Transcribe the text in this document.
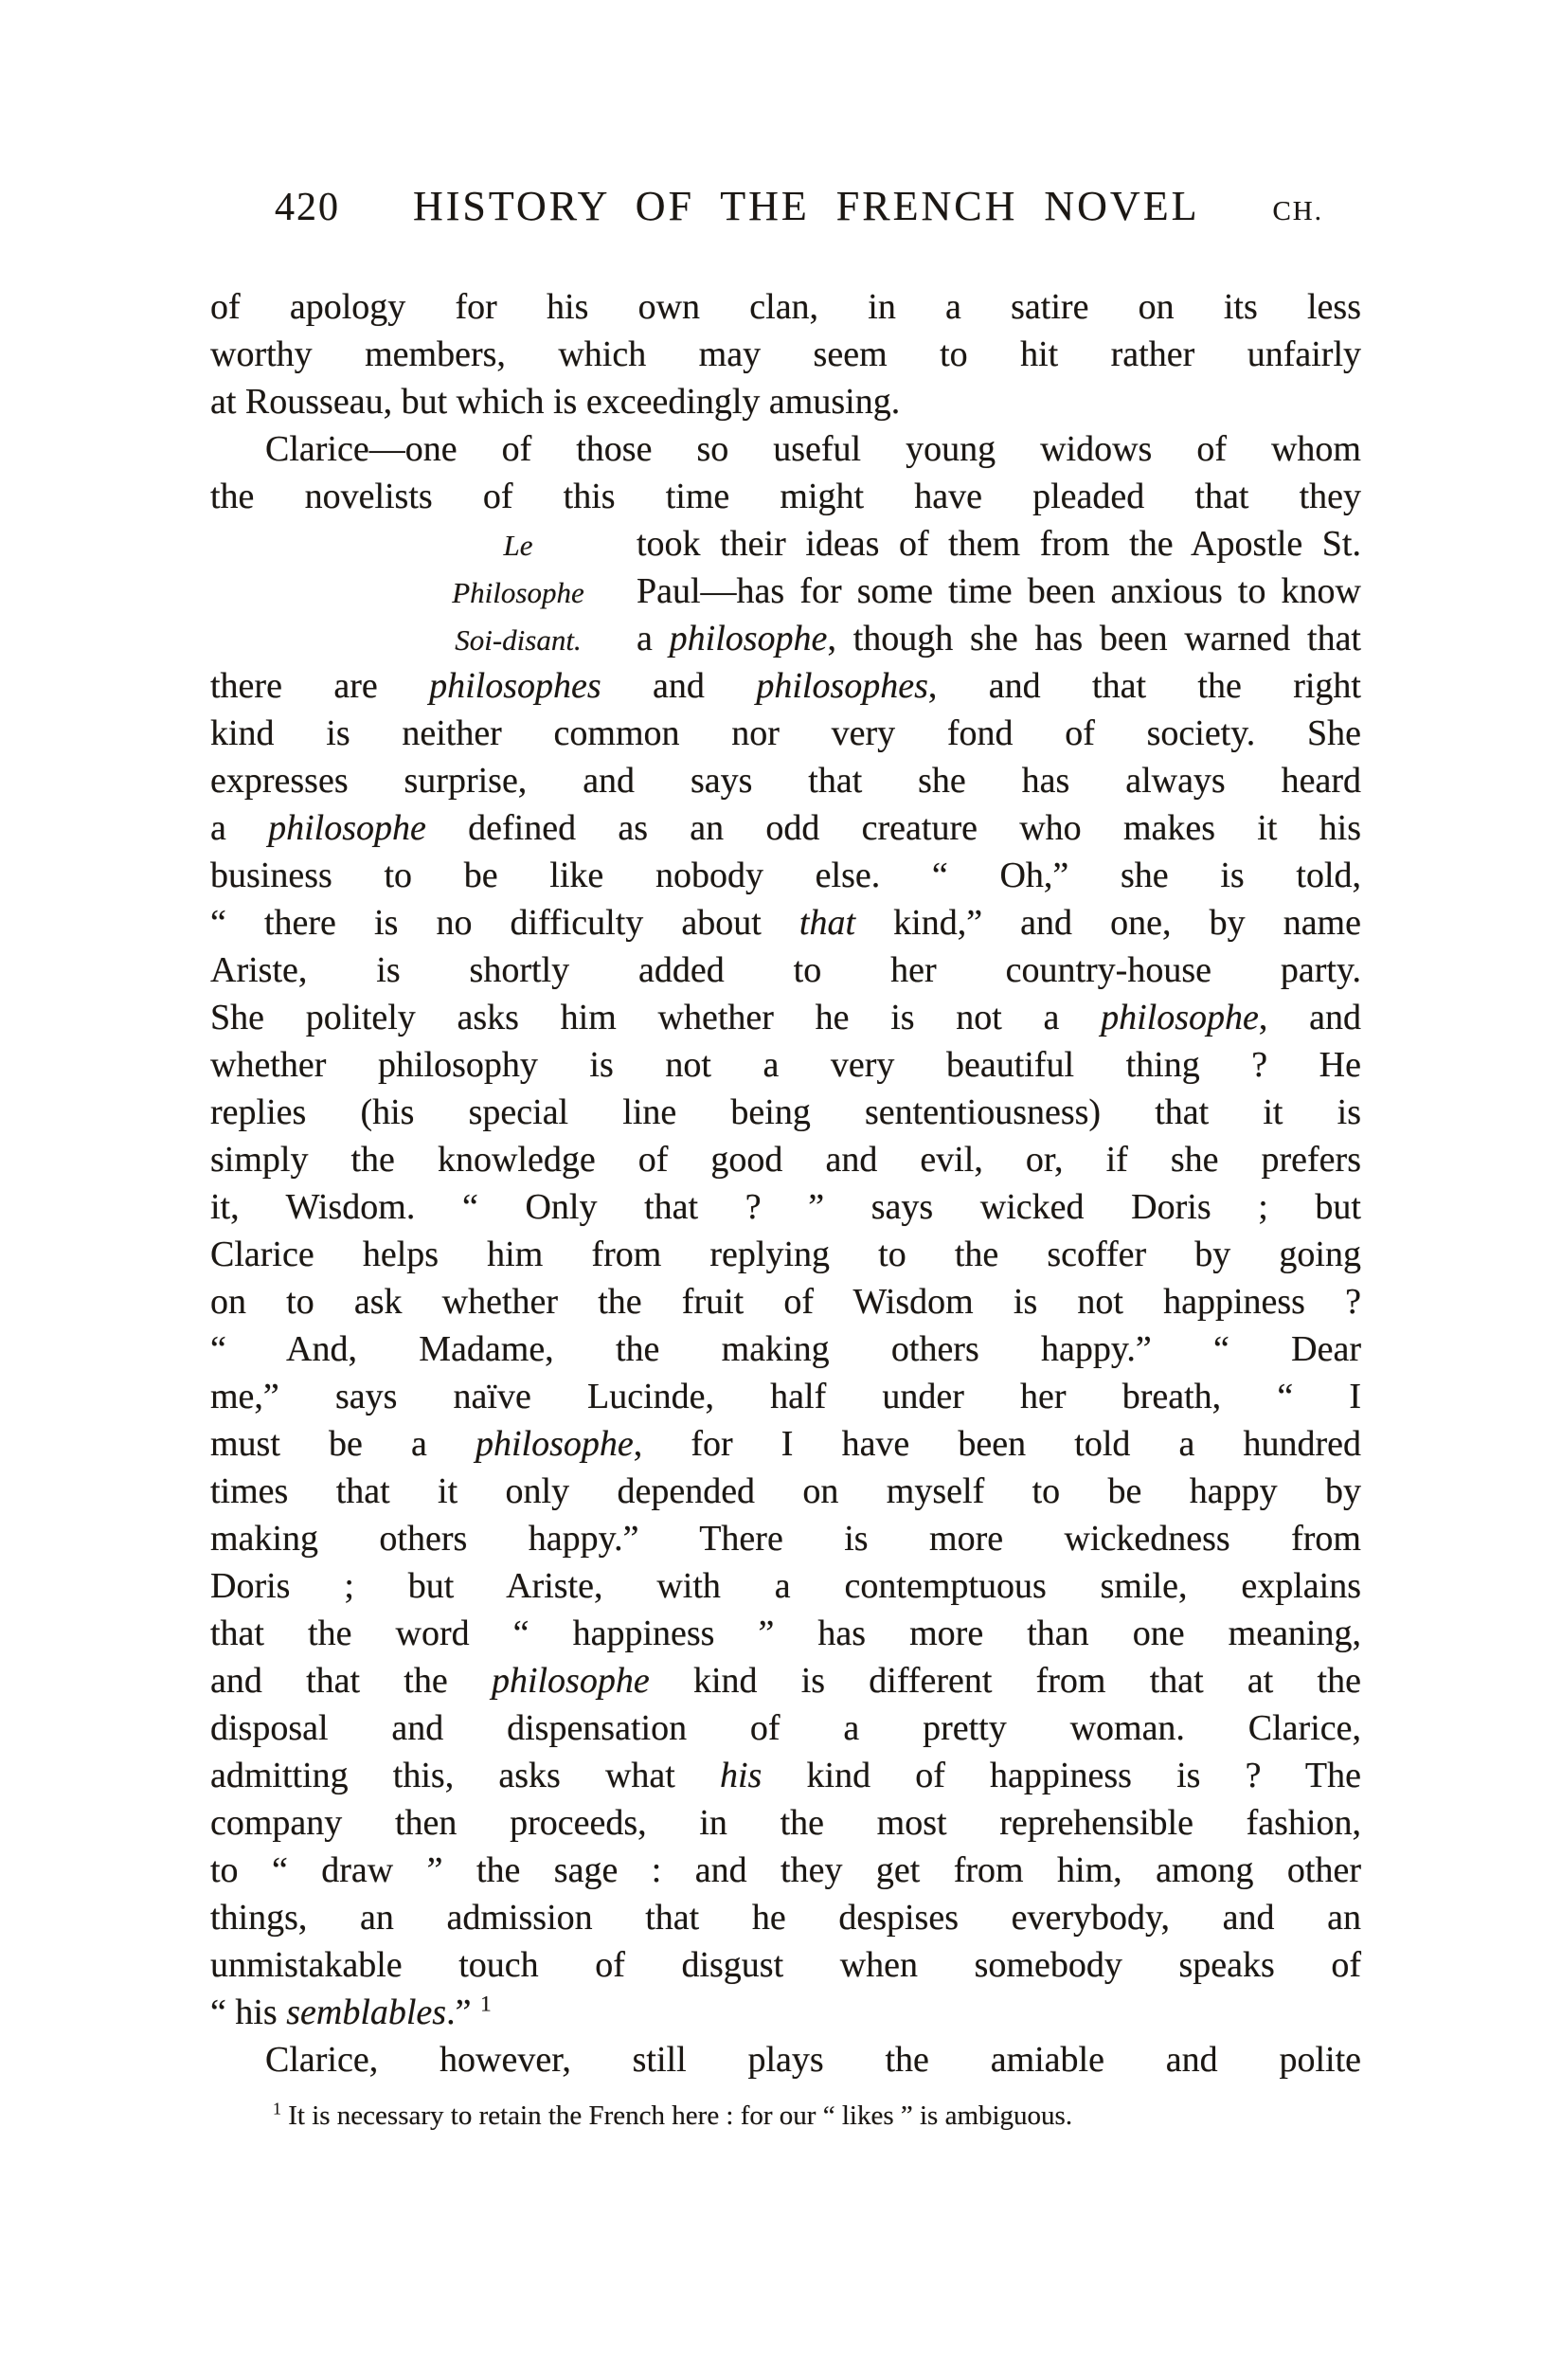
420 HISTORY OF THE FRENCH NOVEL	CH.
Le
Philosophe
Soi-disant.
of apology for his own clan, in a satire on its less
worthy members, which may seem to hit rather unfairly
at Rousseau, but which is exceedingly amusing.
Clarice—one of those so useful young widows of whom
the novelists of this time might have pleaded that they
took their ideas of them from the Apostle St.
Paul—has for some time been anxious to know
a philosophe, though she has been warned that
there are philosophes and philosophes, and that the right
kind is neither common nor very fond of society. She
expresses surprise, and says that she has always heard
a philosophe defined as an odd creature who makes it his
business to be like nobody else. “ Oh,” she is told,
“ there is no difficulty about that kind,” and one, by name
Ariste, is shortly added to her country-house party.
She politely asks him whether he is not a philosophe, and
whether philosophy is not a very beautiful thing ? He
replies (his special line being sententiousness) that it is
simply the knowledge of good and evil, or, if she prefers
it, Wisdom. “ Only that ? ” says wicked Doris ; but
Clarice helps him from replying to the scoffer by going
on to ask whether the fruit of Wisdom is not happiness ?
“ And, Madame, the making others happy.” “ Dear
me,” says naïve Lucinde, half under her breath, “ I
must be a philosophe, for I have been told a hundred
times that it only depended on myself to be happy by
making others happy.” There is more wickedness from
Doris ; but Ariste, with a contemptuous smile, explains
that the word “ happiness ” has more than one meaning,
and that the philosophe kind is different from that at the
disposal and dispensation of a pretty woman. Clarice,
admitting this, asks what his kind of happiness is ? The
company then proceeds, in the most reprehensible fashion,
to “ draw ” the sage : and they get from him, among other
things, an admission that he despises everybody, and an
unmistakable touch of disgust when somebody speaks of
“ his semblables.” $^1$
Clarice, however, still plays the amiable and polite
$^1$ It is necessary to retain the French here : for our “ likes ” is ambiguous.
